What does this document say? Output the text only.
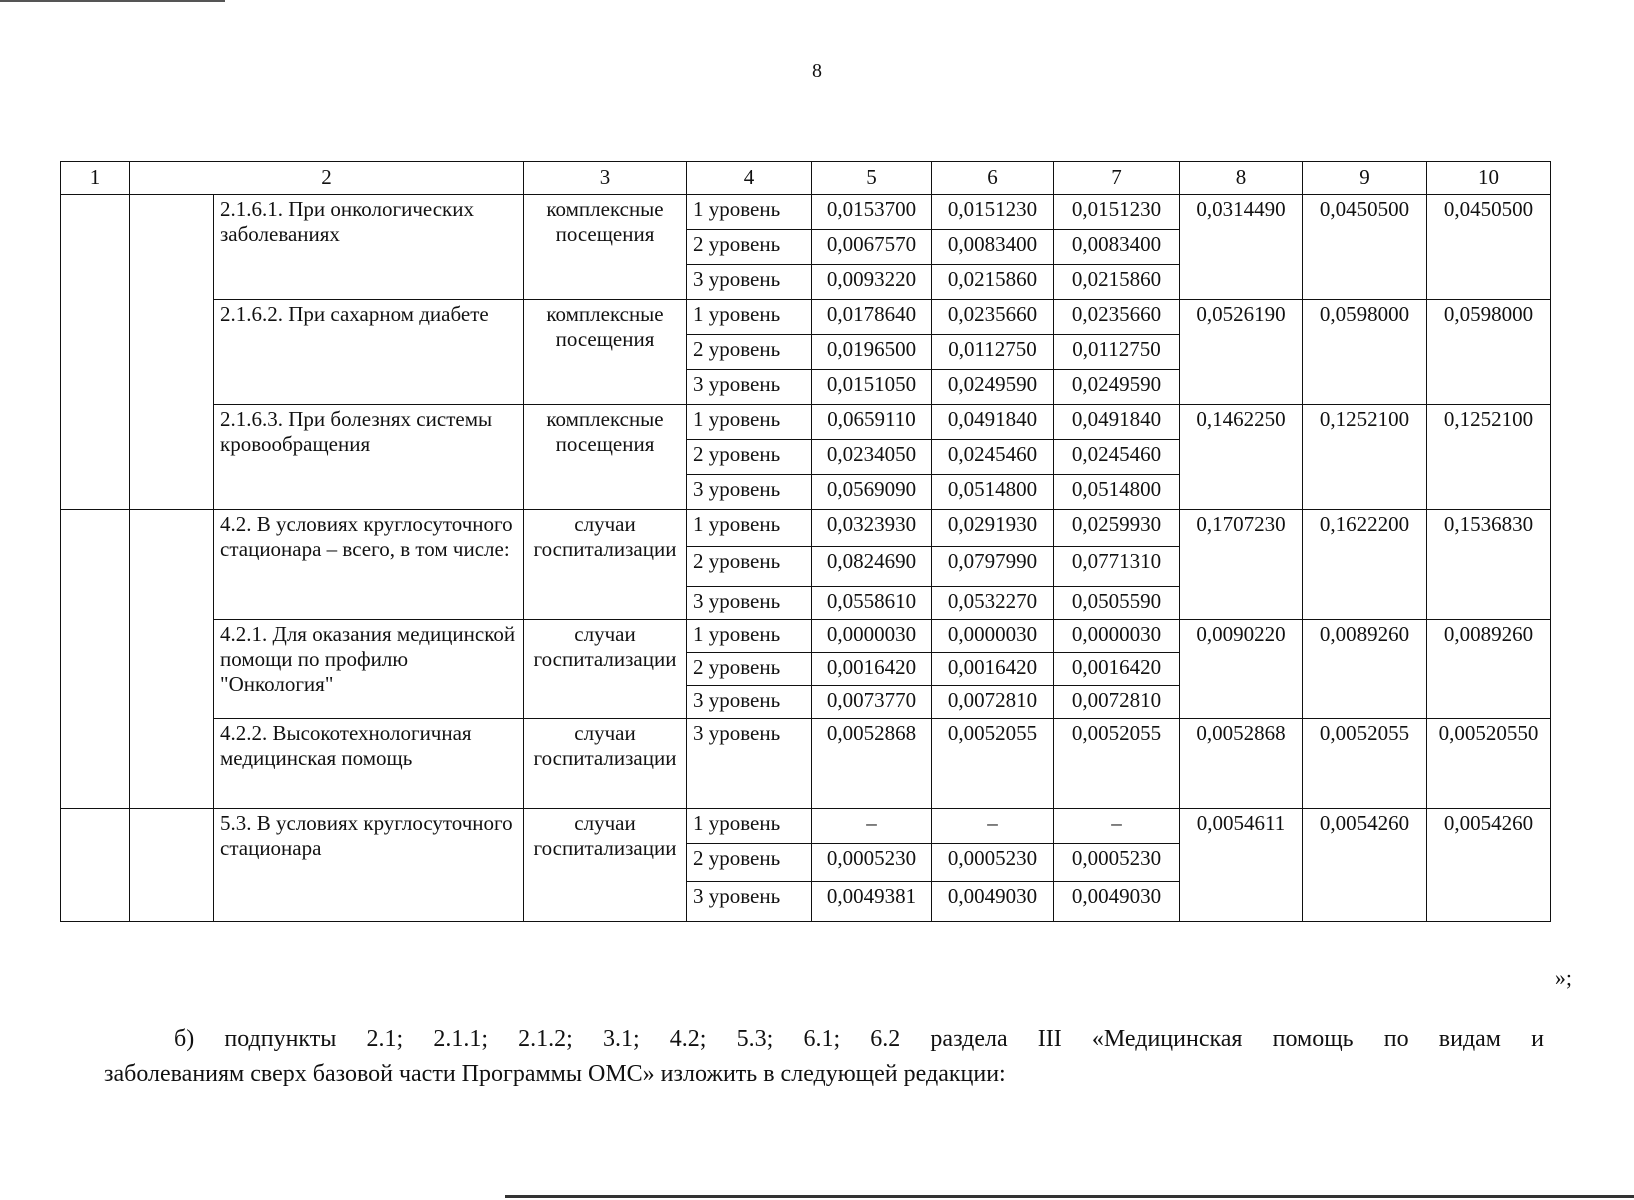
8
1	2		3	4	5	6	7	8	9	10
		2.1.6.1. При онкологических заболеваниях	комплексные посещения	1 уровень	0,0153700	0,0151230	0,0151230	0,0314490	0,0450500	0,0450500
				2 уровень	0,0067570	0,0083400	0,0083400			
				3 уровень	0,0093220	0,0215860	0,0215860			
		2.1.6.2. При сахарном диабете	комплексные посещения	1 уровень	0,0178640	0,0235660	0,0235660	0,0526190	0,0598000	0,0598000
				2 уровень	0,0196500	0,0112750	0,0112750			
				3 уровень	0,0151050	0,0249590	0,0249590			
		2.1.6.3. При болезнях системы кровообращения	комплексные посещения	1 уровень	0,0659110	0,0491840	0,0491840	0,1462250	0,1252100	0,1252100
				2 уровень	0,0234050	0,0245460	0,0245460			
				3 уровень	0,0569090	0,0514800	0,0514800			
		4.2. В условиях круглосуточного стационара – всего, в том числе:	случаи госпитализации	1 уровень	0,0323930	0,0291930	0,0259930	0,1707230	0,1622200	0,1536830
				2 уровень	0,0824690	0,0797990	0,0771310			
				3 уровень	0,0558610	0,0532270	0,0505590			
		4.2.1. Для оказания медицинской помощи по профилю "Онкология"	случаи госпитализации	1 уровень	0,0000030	0,0000030	0,0000030	0,0090220	0,0089260	0,0089260
				2 уровень	0,0016420	0,0016420	0,0016420			
				3 уровень	0,0073770	0,0072810	0,0072810			
		4.2.2. Высокотехнологичная медицинская помощь	случаи госпитализации	3 уровень	0,0052868	0,0052055	0,0052055	0,0052868	0,0052055	0,00520550
		5.3. В условиях круглосуточного стационара	случаи госпитализации	1 уровень	–	–	–	0,0054611	0,0054260	0,0054260
				2 уровень	0,0005230	0,0005230	0,0005230			
				3 уровень	0,0049381	0,0049030	0,0049030			
»;
б) подпункты 2.1; 2.1.1; 2.1.2; 3.1; 4.2; 5.3; 6.1; 6.2 раздела III «Медицинская помощь по видам и
заболеваниям сверх базовой части Программы ОМС» изложить в следующей редакции:
